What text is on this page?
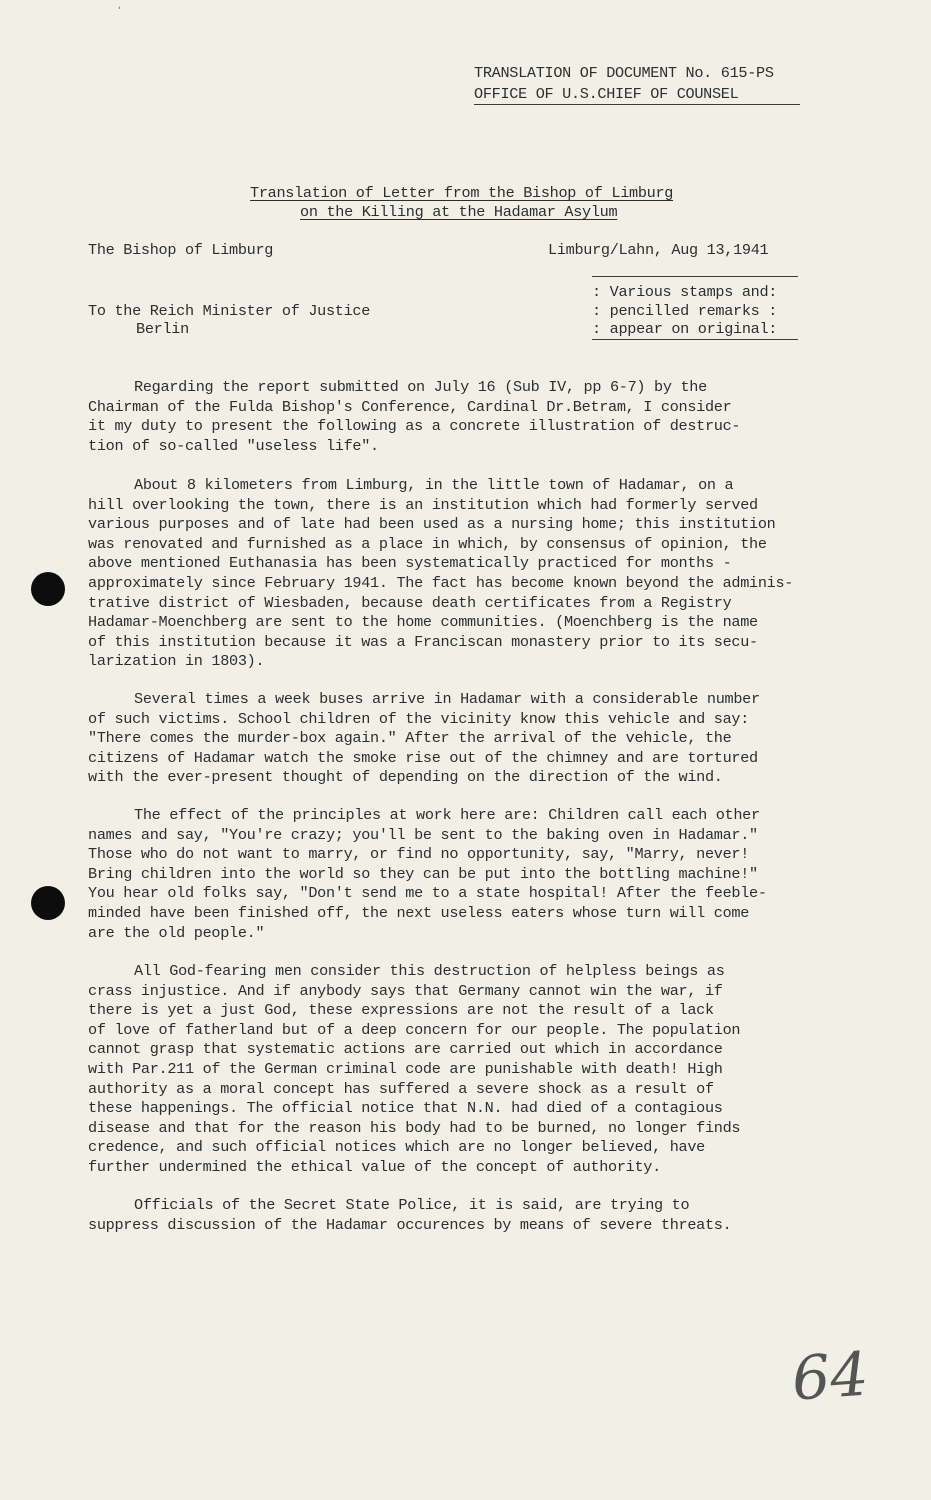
'
TRANSLATION OF DOCUMENT No. 615-PS
OFFICE OF U.S.CHIEF OF COUNSEL
Translation of Letter from the Bishop of Limburg
on the Killing at the Hadamar Asylum
The Bishop of Limburg	Limburg/Lahn, Aug 13,1941
: Various stamps and:
: pencilled remarks :
: appear on original:
To the Reich Minister of Justice
Berlin
Regarding the report submitted on July 16 (Sub IV, pp 6-7) by the
Chairman of the Fulda Bishop's Conference, Cardinal Dr.Betram, I consider
it my duty to present the following as a concrete illustration of destruc-
tion of so-called "useless life".
About 8 kilometers from Limburg, in the little town of Hadamar, on a
hill overlooking the town, there is an institution which had formerly served
various purposes and of late had been used as a nursing home; this institution
was renovated and furnished as a place in which, by consensus of opinion, the
above mentioned Euthanasia has been systematically practiced for months -
approximately since February 1941. The fact has become known beyond the adminis-
trative district of Wiesbaden, because death certificates from a Registry
Hadamar-Moenchberg are sent to the home communities. (Moenchberg is the name
of this institution because it was a Franciscan monastery prior to its secu-
larization in 1803).
Several times a week buses arrive in Hadamar with a considerable number
of such victims. School children of the vicinity know this vehicle and say:
"There comes the murder-box again." After the arrival of the vehicle, the
citizens of Hadamar watch the smoke rise out of the chimney and are tortured
with the ever-present thought of depending on the direction of the wind.
The effect of the principles at work here are: Children call each other
names and say, "You're crazy; you'll be sent to the baking oven in Hadamar."
Those who do not want to marry, or find no opportunity, say, "Marry, never!
Bring children into the world so they can be put into the bottling machine!"
You hear old folks say, "Don't send me to a state hospital! After the feeble-
minded have been finished off, the next useless eaters whose turn will come
are the old people."
All God-fearing men consider this destruction of helpless beings as
crass injustice. And if anybody says that Germany cannot win the war, if
there is yet a just God, these expressions are not the result of a lack
of love of fatherland but of a deep concern for our people. The population
cannot grasp that systematic actions are carried out which in accordance
with Par.211 of the German criminal code are punishable with death! High
authority as a moral concept has suffered a severe shock as a result of
these happenings. The official notice that N.N. had died of a contagious
disease and that for the reason his body had to be burned, no longer finds
credence, and such official notices which are no longer believed, have
further undermined the ethical value of the concept of authority.
Officials of the Secret State Police, it is said, are trying to
suppress discussion of the Hadamar occurences by means of severe threats.
64
